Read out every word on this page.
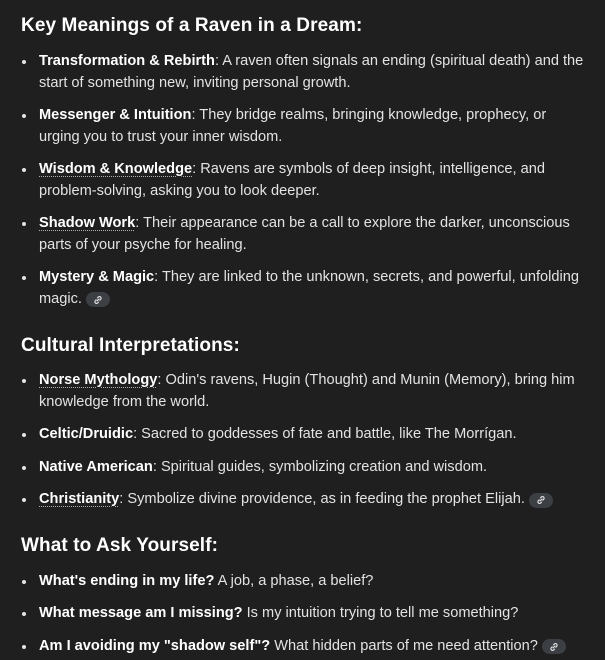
Key Meanings of a Raven in a Dream:
Transformation & Rebirth: A raven often signals an ending (spiritual death) and the start of something new, inviting personal growth.
Messenger & Intuition: They bridge realms, bringing knowledge, prophecy, or urging you to trust your inner wisdom.
Wisdom & Knowledge: Ravens are symbols of deep insight, intelligence, and problem-solving, asking you to look deeper.
Shadow Work: Their appearance can be a call to explore the darker, unconscious parts of your psyche for healing.
Mystery & Magic: They are linked to the unknown, secrets, and powerful, unfolding magic.
Cultural Interpretations:
Norse Mythology: Odin's ravens, Hugin (Thought) and Munin (Memory), bring him knowledge from the world.
Celtic/Druidic: Sacred to goddesses of fate and battle, like The Morrígan.
Native American: Spiritual guides, symbolizing creation and wisdom.
Christianity: Symbolize divine providence, as in feeding the prophet Elijah.
What to Ask Yourself:
What's ending in my life? A job, a phase, a belief?
What message am I missing? Is my intuition trying to tell me something?
Am I avoiding my "shadow self"? What hidden parts of me need attention?
